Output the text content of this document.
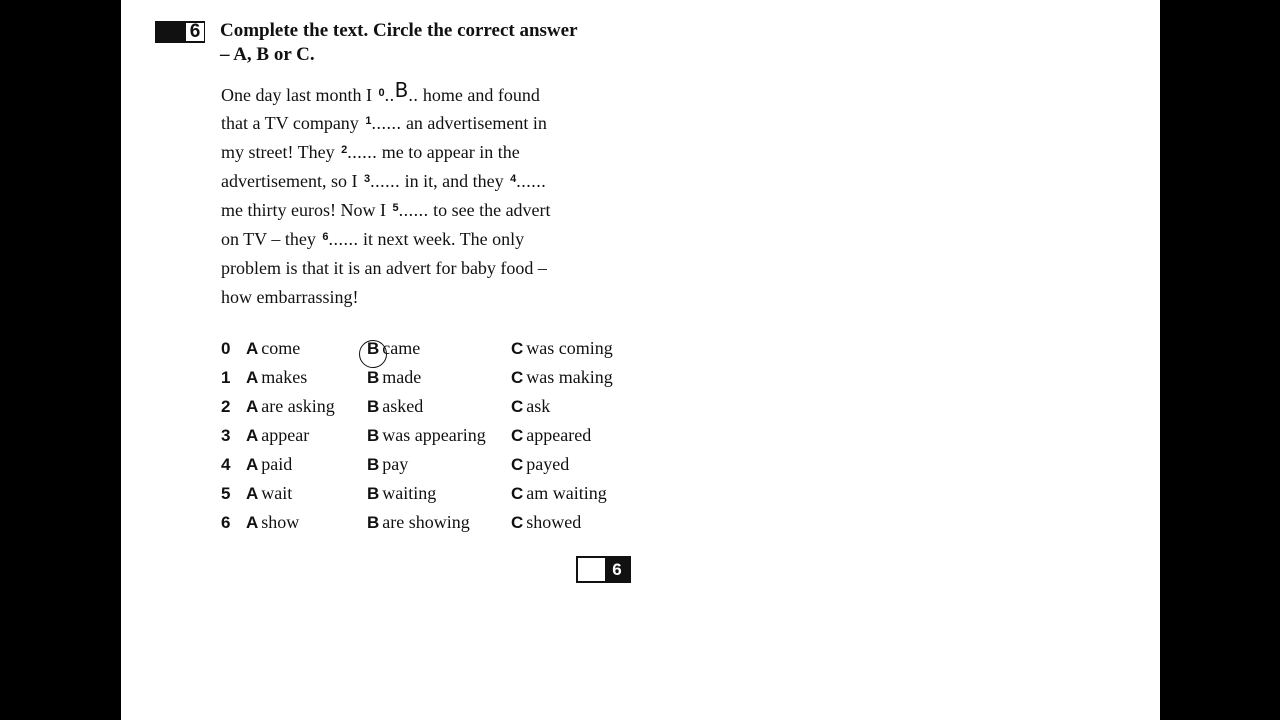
6 Complete the text. Circle the correct answer
– A, B or C.
One day last month I $^0$..B.. home and found
that a TV company $^1$...... an advertisement in
my street! They $^2$...... me to appear in the
advertisement, so I $^3$...... in it, and they $^4$......
me thirty euros! Now I $^5$...... to see the advert
on TV – they $^6$...... it next week. The only
problem is that it is an advert for baby food –
how embarrassing!
0 A come	B came	C was coming
1 A makes	B made	C was making
2 A are asking B asked	C ask
3 A appear	B was appearing C appeared
4 A paid	B pay	C payed
5 A wait	B waiting	C am waiting
6 A show	B are showing C showed
6
